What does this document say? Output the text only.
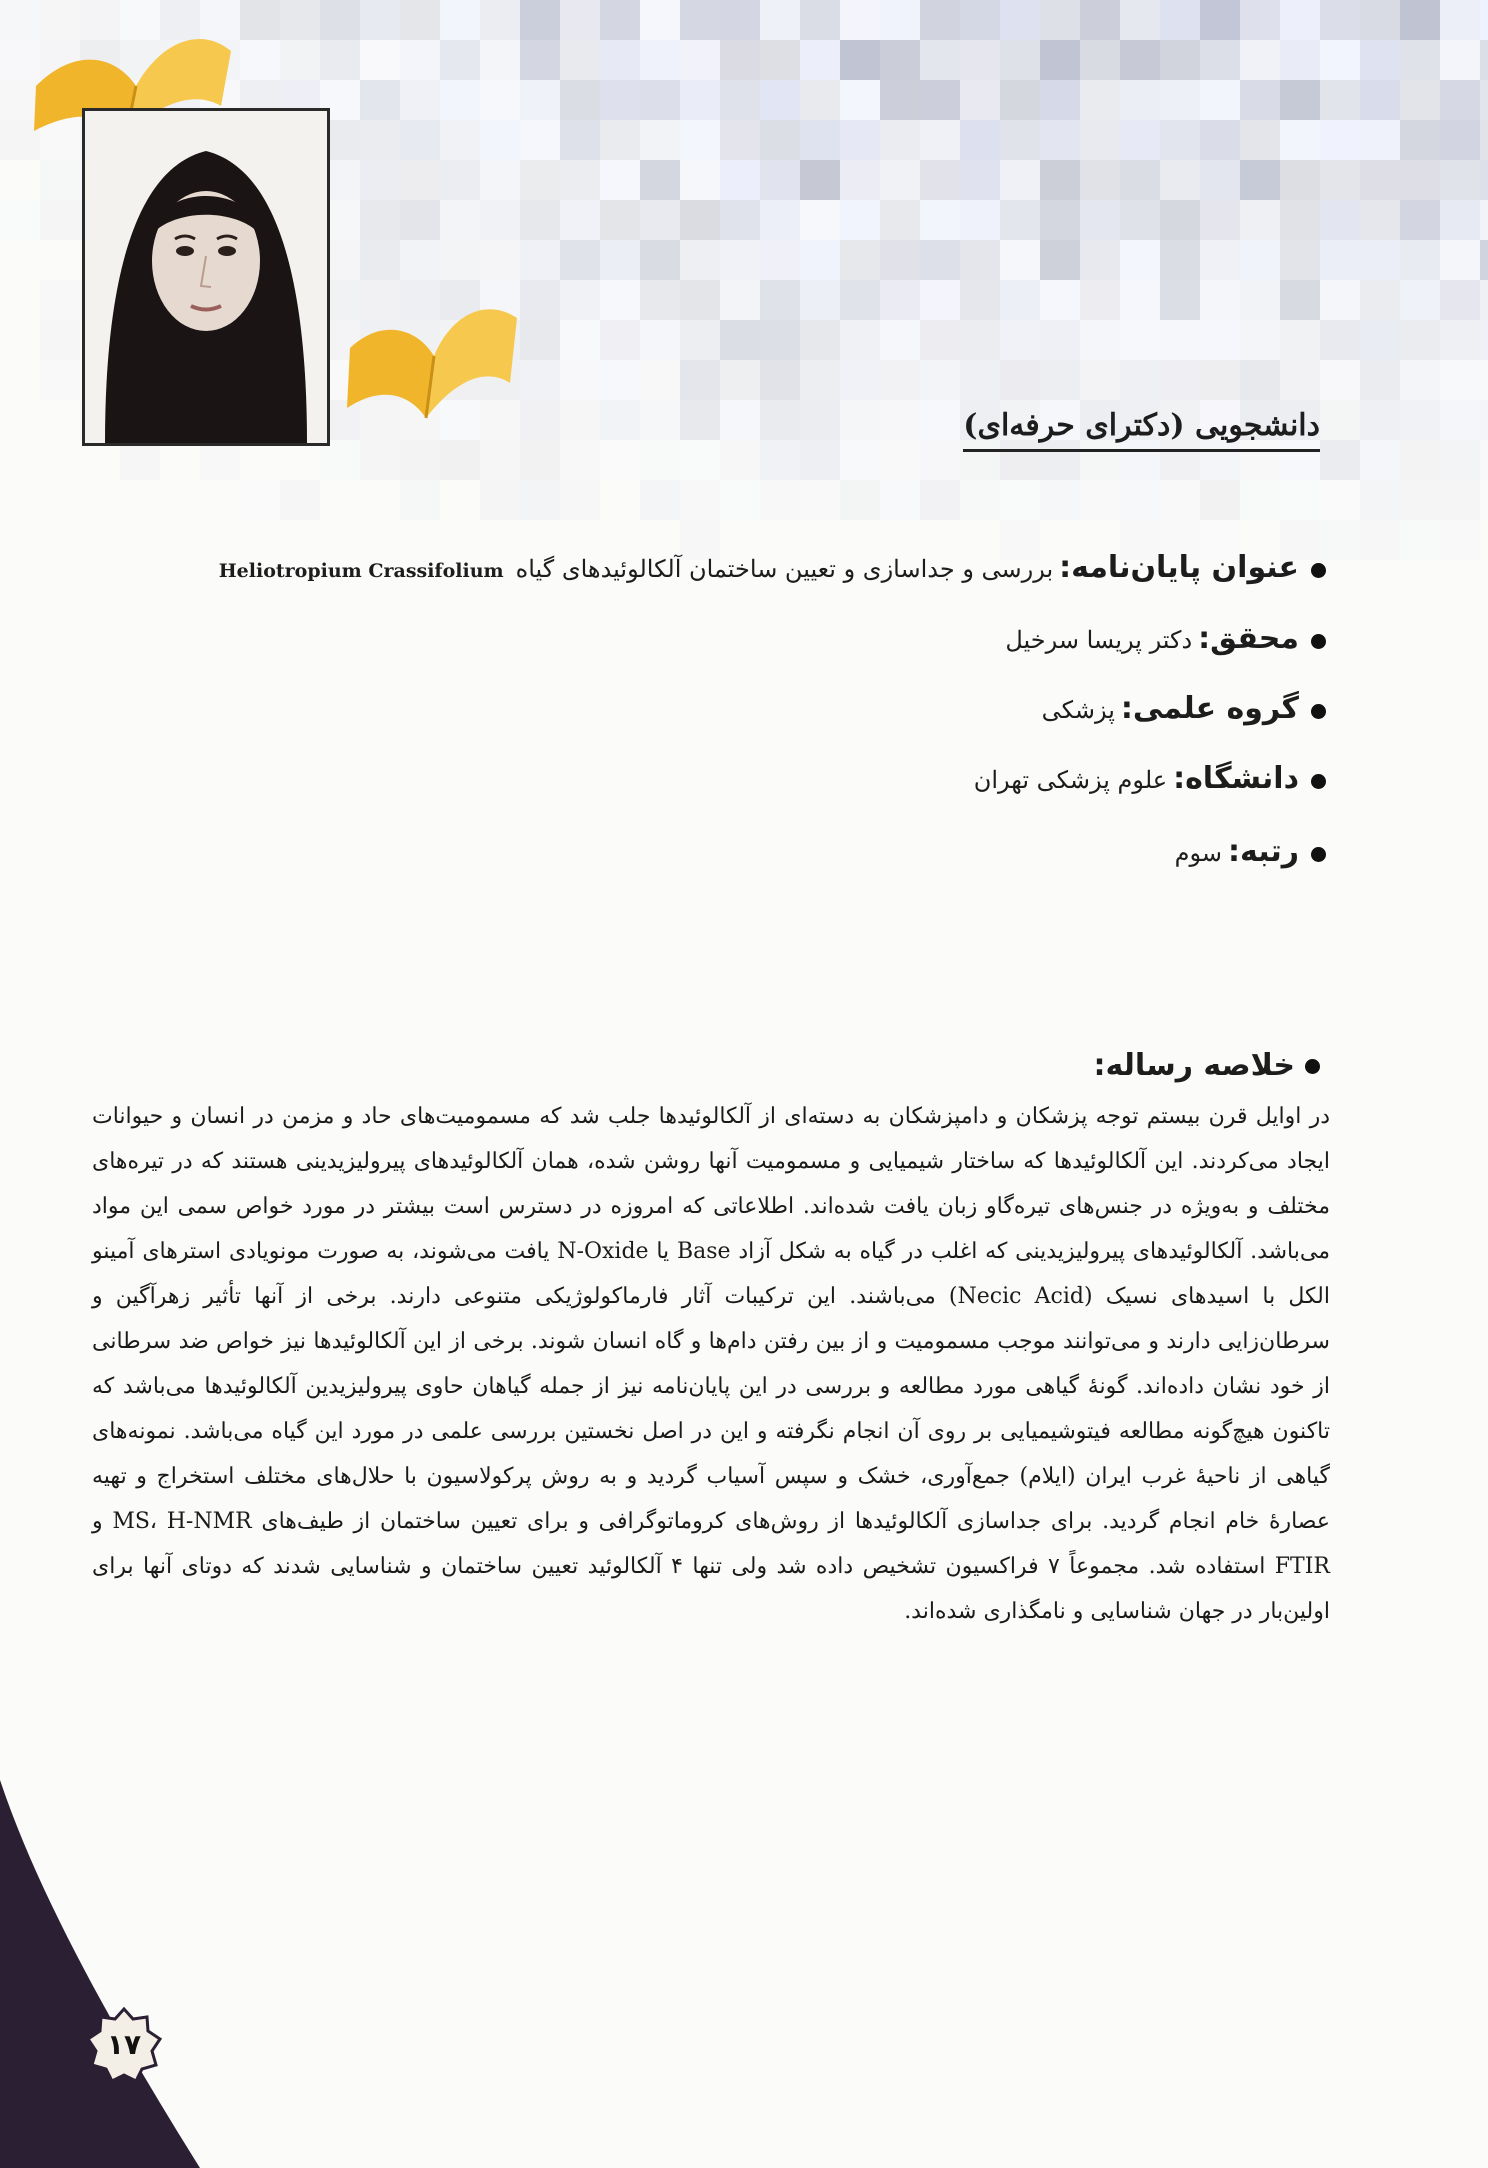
دانشجویی (دکترای حرفه‌ای)
عنوان پایان‌نامه:بررسی و جداسازی و تعیین ساختمان آلکالوئیدهای گیاهHeliotropium Crassifolium
محقق:دکتر پریسا سرخیل
گروه علمی:پزشکی
دانشگاه:علوم پزشکی تهران
رتبه:سوم
خلاصه رساله:

در اوایل قرن بیستم توجه پزشکان و دامپزشکان به دسته‌ای از آلکالوئیدها جلب شد که مسمومیت‌های حاد و مزمن در انسان و حیوانات ایجاد می‌کردند. این آلکالوئیدها که ساختار شیمیایی و مسمومیت آنها روشن شده، همان آلکالوئیدهای پیرولیزیدینی هستند که در تیره‌های مختلف و به‌ویژه در جنس‌های تیره‌گاو زبان یافت شده‌اند. اطلاعاتی که امروزه در دسترس است بیشتر در مورد خواص سمی این مواد می‌باشد. آلکالوئیدهای پیرولیزیدینی که اغلب در گیاه به شکل آزاد Base یا N-Oxide یافت می‌شوند، به صورت مونویادی استرهای آمینو الکل با اسیدهای نسیک (Necic Acid) می‌باشند. این ترکیبات آثار فارماکولوژیکی متنوعی دارند. برخی از آنها تأثیر زهرآگین و سرطان‌زایی دارند و می‌توانند موجب مسمومیت و از بین رفتن دام‌ها و گاه انسان شوند. برخی از این آلکالوئیدها نیز خواص ضد سرطانی از خود نشان داده‌اند. گونهٔ گیاهی مورد مطالعه و بررسی در این پایان‌نامه نیز از جمله گیاهان حاوی پیرولیزیدین آلکالوئیدها می‌باشد که تاکنون هیچ‌گونه مطالعه فیتوشیمیایی بر روی آن انجام نگرفته و این در اصل نخستین بررسی علمی در مورد این گیاه می‌باشد. نمونه‌های گیاهی از ناحیهٔ غرب ایران (ایلام) جمع‌آوری، خشک و سپس آسیاب گردید و به روش پرکولاسیون با حلال‌های مختلف استخراج و تهیه عصارهٔ خام انجام گردید. برای جداسازی آلکالوئیدها از روش‌های کروماتوگرافی و برای تعیین ساختمان از طیف‌های MS، H-NMR و FTIR استفاده شد. مجموعاً ۷ فراکسیون تشخیص داده شد ولی تنها ۴ آلکالوئید تعیین ساختمان و شناسایی شدند که دوتای آنها برای اولین‌بار در جهان شناسایی و نامگذاری شده‌اند.

۱۷
